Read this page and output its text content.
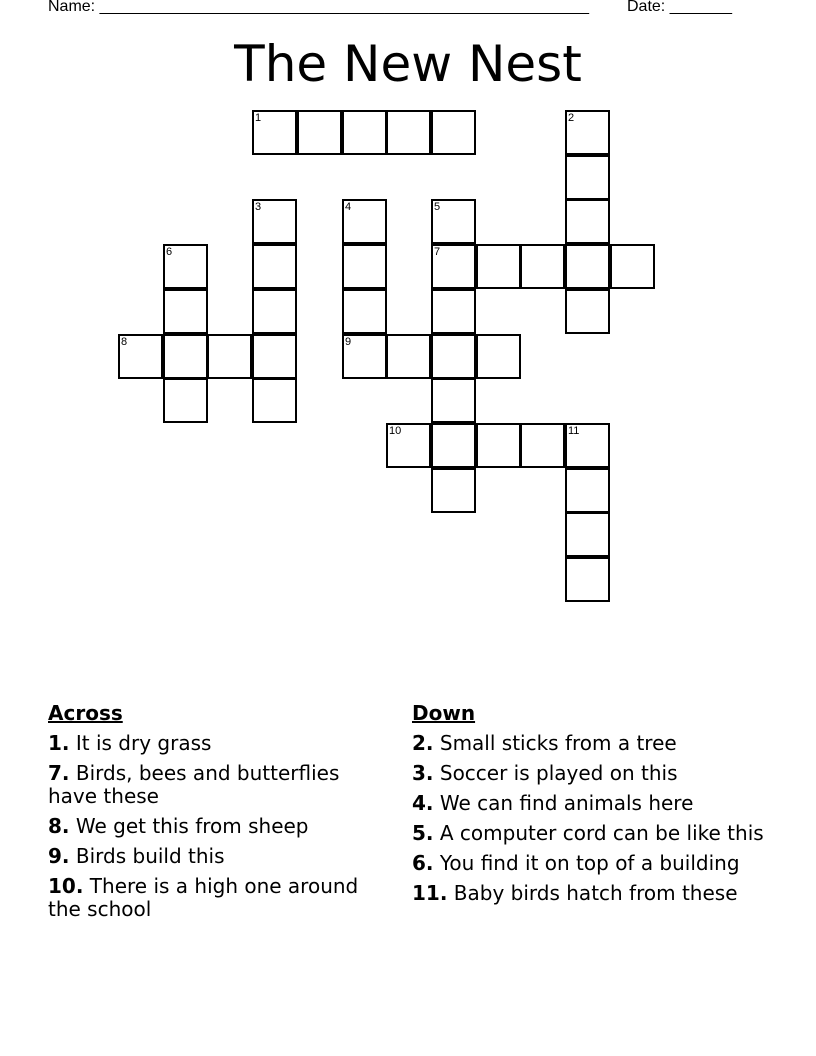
Name: _______________________________________________________ Date: _______
The New Nest
1	2
3	4
9
5
7
6
8
10	11
Across
1. It is dry grass
7. Birds, bees and butterflies have these
8. We get this from sheep
9. Birds build this
10. There is a high one around the school
Down
2. Small sticks from a tree
3. Soccer is played on this
4. We can find animals here
5. A computer cord can be like this
6. You find it on top of a building
11. Baby birds hatch from these
